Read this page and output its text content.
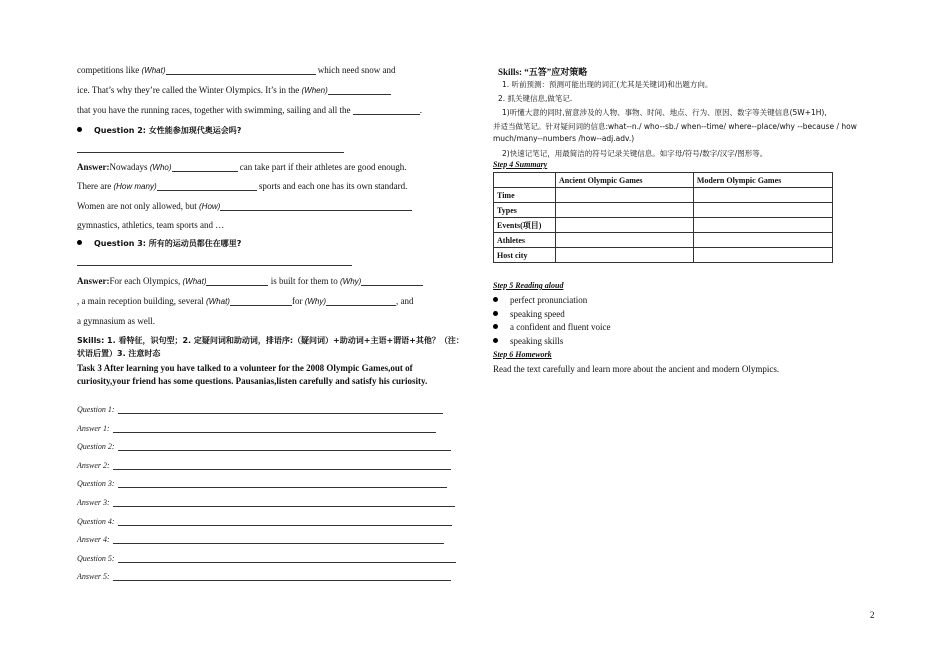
competitions like (What)	which need snow and
ice. That’s why they’re called the Winter Olympics. It’s in the (When)
that you have the running races, together with swimming, sailing and all the	.
Question 2: 女性能参加现代奥运会吗?
Answer:Nowadays (Who)	can take part if their athletes are good enough.
There are (How many)	sports and each one has its own standard.
Women are not only allowed, but (How)
gymnastics, athletics, team sports and …
Question 3: 所有的运动员都住在哪里?
Answer:For each Olympics, (What)	is built for them to (Why)
, a main reception building, several (What)	for (Why)	, and
a gymnasium as well.
Skills: 1. 看特征，识句型；2. 定疑问词和助动词，排语序:（疑问词）+助动词+主语+谓语+其他？（注：
状语后置）3. 注意时态
Task 3 After learning you have talked to a volunteer for the 2008 Olympic Games,out of curiosity,your friend has some questions. Pausanias,listen carefully and satisfy his curiosity.
Question 1:
Answer 1:
Question 2:
Answer 2:
Question 3:
Answer 3:
Question 4:
Answer 4:
Question 5:
Answer 5:
Skills: “五答”应对策略
1. 听前预测：预测可能出现的词汇(尤其是关键词)和出题方向。
2. 抓关键信息,做笔记.
1)听懂大意的同时,留意涉及的人物、事物、时间、地点、行为、原因、数字等关键信息(5W+1H),
并适当做笔记。针对疑问词的信息:what--n./ who--sb./ when--time/ where--place/why --because / how
much/many--numbers /how--adj.adv.)
2)快速记笔记，用最简洁的符号记录关键信息。如字母/符号/数字/汉字/图形等。
Step 4 Summary
	Ancient Olympic Games	Modern Olympic Games
Time		
Types		
Events(项目)		
Athletes		
Host city		
Step 5 Reading aloud
perfect pronunciation
speaking speed
a confident and fluent voice
speaking skills
Step 6 Homework
Read the text carefully and learn more about the ancient and modern Olympics.
2
